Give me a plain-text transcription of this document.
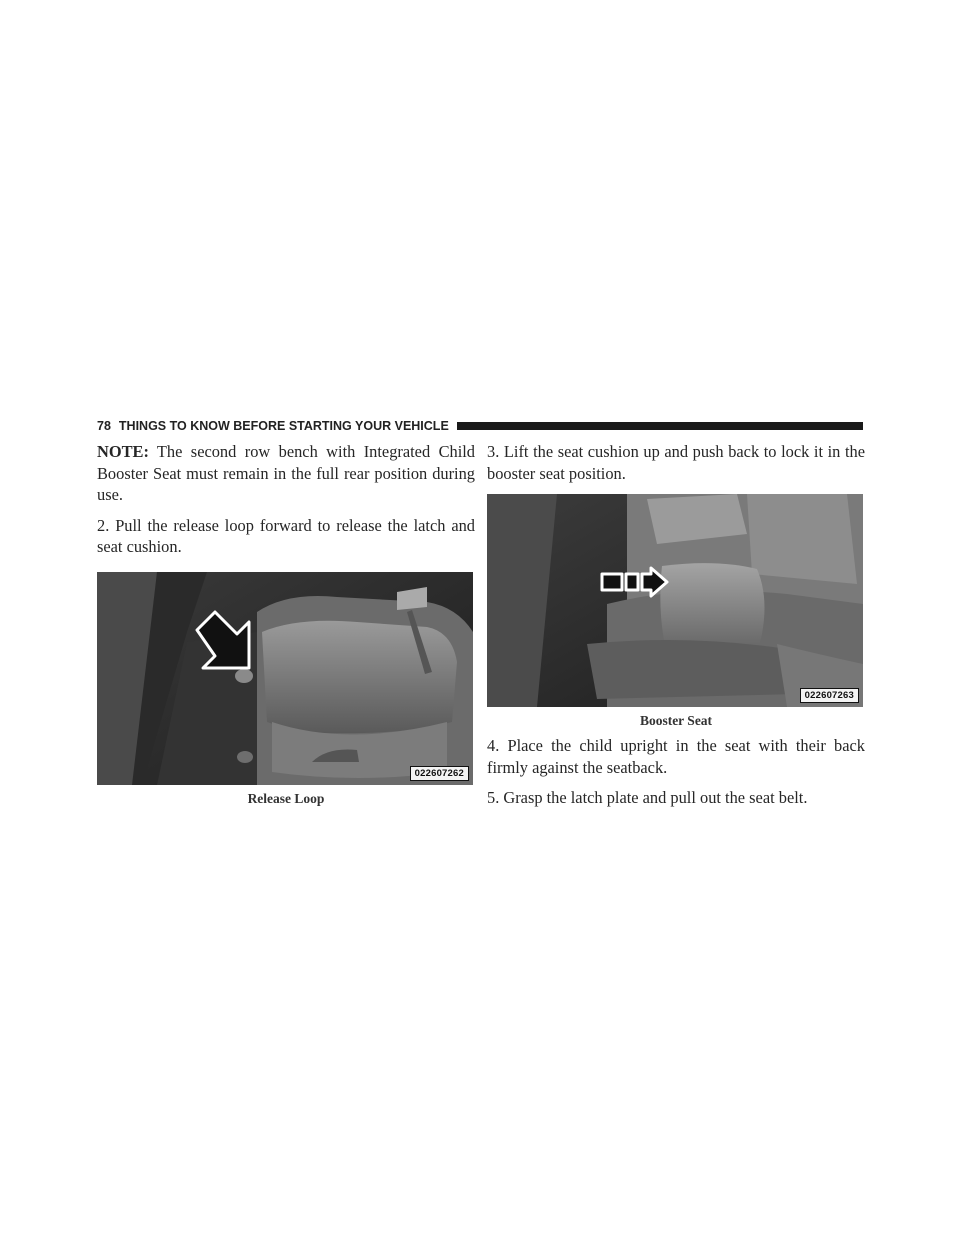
78 THINGS TO KNOW BEFORE STARTING YOUR VEHICLE

NOTE: The second row bench with Integrated Child Booster Seat must remain in the full rear position during use.

2. Pull the release loop forward to release the latch and seat cushion.

022607262
Release Loop

3. Lift the seat cushion up and push back to lock it in the booster seat position.

022607263
Booster Seat

4. Place the child upright in the seat with their back firmly against the seatback.

5. Grasp the latch plate and pull out the seat belt.
